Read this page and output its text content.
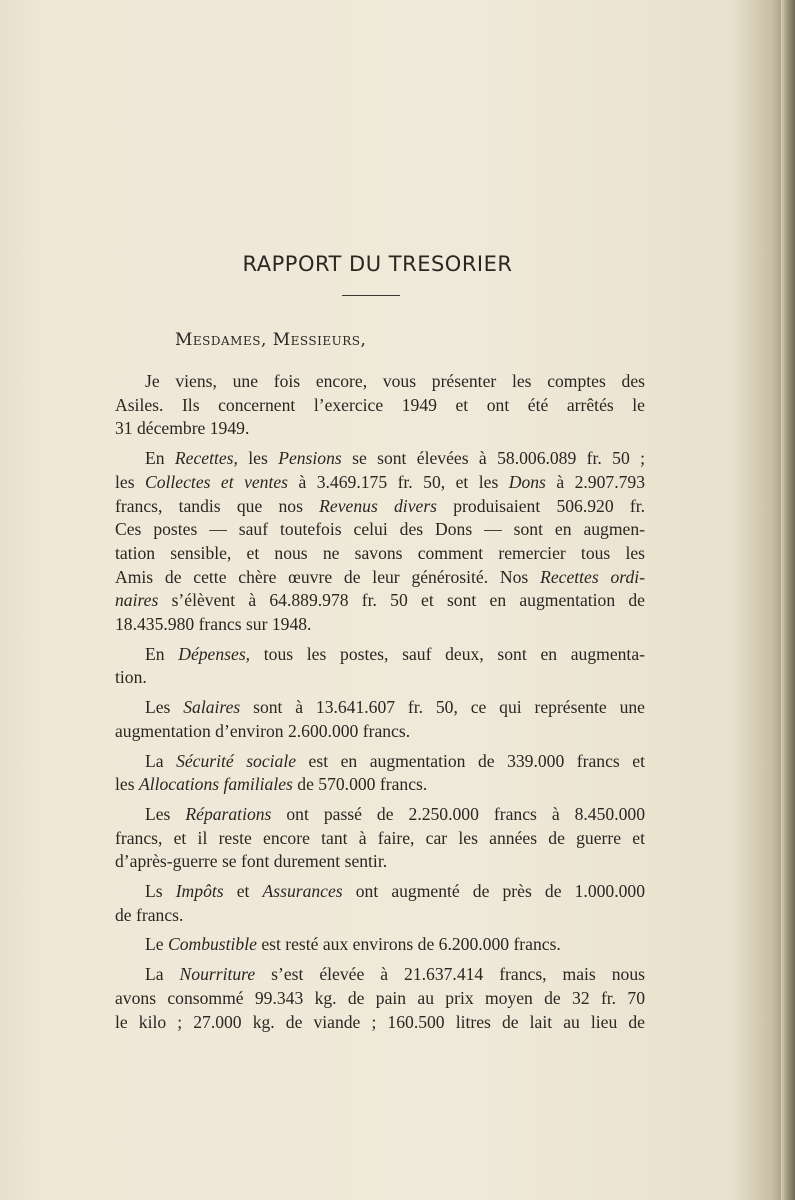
RAPPORT DU TRESORIER
Mesdames, Messieurs,

Je viens, une fois encore, vous présenter les comptes des
Asiles. Ils concernent l’exercice 1949 et ont été arrêtés le
31 décembre 1949.

En Recettes, les Pensions se sont élevées à 58.006.089 fr. 50 ;
les Collectes et ventes à 3.469.175 fr. 50, et les Dons à 2.907.793
francs, tandis que nos Revenus divers produisaient 506.920 fr.
Ces postes — sauf toutefois celui des Dons — sont en augmen-
tation sensible, et nous ne savons comment remercier tous les
Amis de cette chère œuvre de leur générosité. Nos Recettes ordi-
naires s’élèvent à 64.889.978 fr. 50 et sont en augmentation de
18.435.980 francs sur 1948.

En Dépenses, tous les postes, sauf deux, sont en augmenta-
tion.

Les Salaires sont à 13.641.607 fr. 50, ce qui représente une
augmentation d’environ 2.600.000 francs.

La Sécurité sociale est en augmentation de 339.000 francs et
les Allocations familiales de 570.000 francs.

Les Réparations ont passé de 2.250.000 francs à 8.450.000
francs, et il reste encore tant à faire, car les années de guerre et
d’après-guerre se font durement sentir.

Ls Impôts et Assurances ont augmenté de près de 1.000.000
de francs.

Le Combustible est resté aux environs de 6.200.000 francs.

La Nourriture s’est élevée à 21.637.414 francs, mais nous
avons consommé 99.343 kg. de pain au prix moyen de 32 fr. 70
le kilo ; 27.000 kg. de viande ; 160.500 litres de lait au lieu de
